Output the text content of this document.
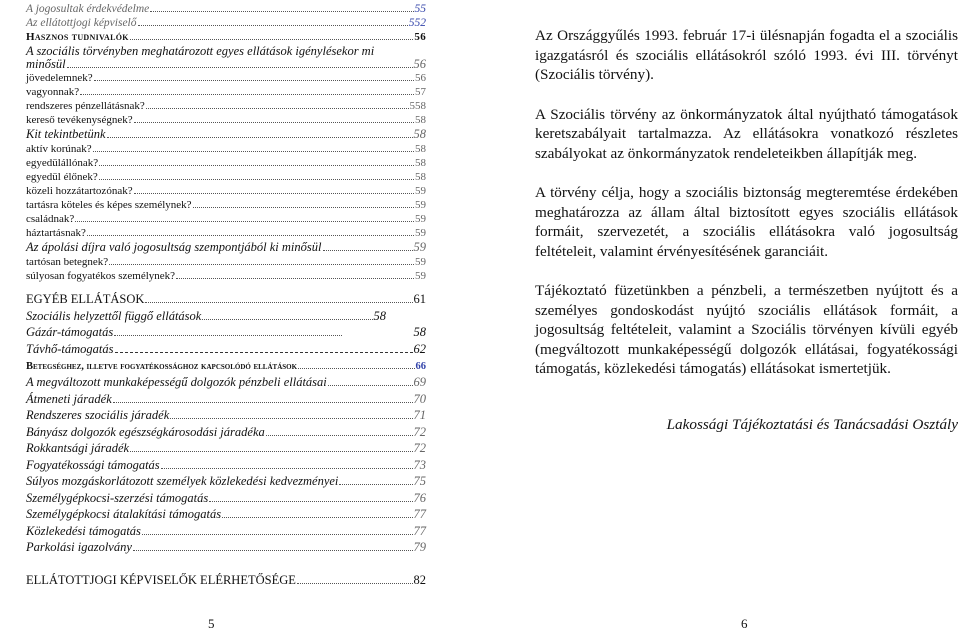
A jogosultak érdekvédelme	55
Az ellátottjogi képviselő	552
Hasznos tudnivalók	56
A szociális törvényben meghatározott egyes ellátások igénylésekor mi
minősül	56
jövedelemnek?	56
vagyonnak?	57
rendszeres pénzellátásnak?	558
kereső tevékenységnek?	58
Kit tekintbetünk	58
aktív korúnak?	58
egyedülállónak?	58
egyedül élőnek?	58
közeli hozzátartozónak?	59
tartásra köteles és képes személynek?	59
családnak?	59
háztartásnak?	59
Az ápolási díjra való jogosultság szempontjából ki minősül	59
tartósan betegnek?	59
súlyosan fogyatékos személynek?	59
EGYÉB ELLÁTÁSOK	61
Szociális helyzettől függő ellátások	58
Gázár-támogatás	58
Távhő-támogatás	62
Betegséghez, illetve fogyatékossághoz kapcsolódó ellátások	66
A megváltozott munkaképességű dolgozók pénzbeli ellátásai	69
Átmeneti járadék	70
Rendszeres szociális járadék	71
Bányász dolgozók egészségkárosodási járadéka	72
Rokkantsági járadék	72
Fogyatékossági támogatás	73
Súlyos mozgáskorlátozott személyek közlekedési kedvezményei	75
Személygépkocsi-szerzési támogatás	76
Személygépkocsi átalakítási támogatás	77
Közlekedési támogatás	77
Parkolási igazolvány	79
ELLÁTOTTJOGI KÉPVISELŐK ELÉRHETŐSÉGE	82

Az Országgyűlés 1993. február 17-i ülésnapján fogadta el a szociális igazgatásról és szociális ellátásokról szóló 1993. évi III. törvényt (Szociális törvény).

A Szociális törvény az önkormányzatok által nyújtható támogatások keretszabályait tartalmazza. Az ellátásokra vonatkozó részletes szabályokat az önkormányzatok rendeleteikben állapítják meg.

A törvény célja, hogy a szociális biztonság megteremtése érdekében meghatározza az állam által biztosított egyes szociális ellátások formáit, szervezetét, a szociális ellátásokra való jogosultság feltételeit, valamint érvényesítésének garanciáit.

Tájékoztató füzetünkben a pénzbeli, a természetben nyújtott és a személyes gondoskodást nyújtó szociális ellátások formáit, a jogosultság feltételeit, valamint a Szociális törvényen kívüli egyéb (megváltozott munkaképességű dolgozók ellátásai, fogyatékossági támogatás, közlekedési támogatás) ellátásokat ismertetjük.

Lakossági Tájékoztatási és Tanácsadási Osztály

5	6
